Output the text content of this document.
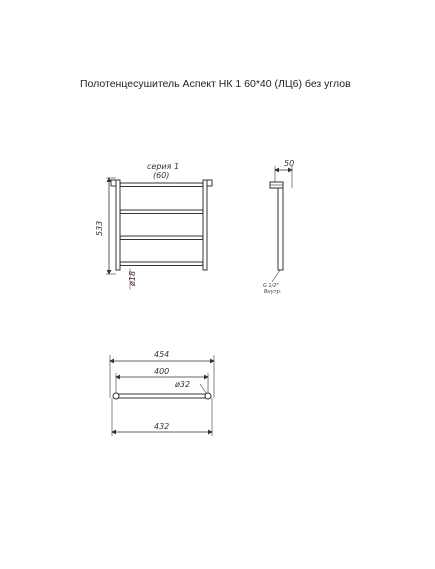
Полотенцесушитель Аспект НК 1 60*40 (ЛЦ6) без углов
серия 1
(60)
533
ø18
50
G 1/2"
Внутр.
454
400
ø32
432
